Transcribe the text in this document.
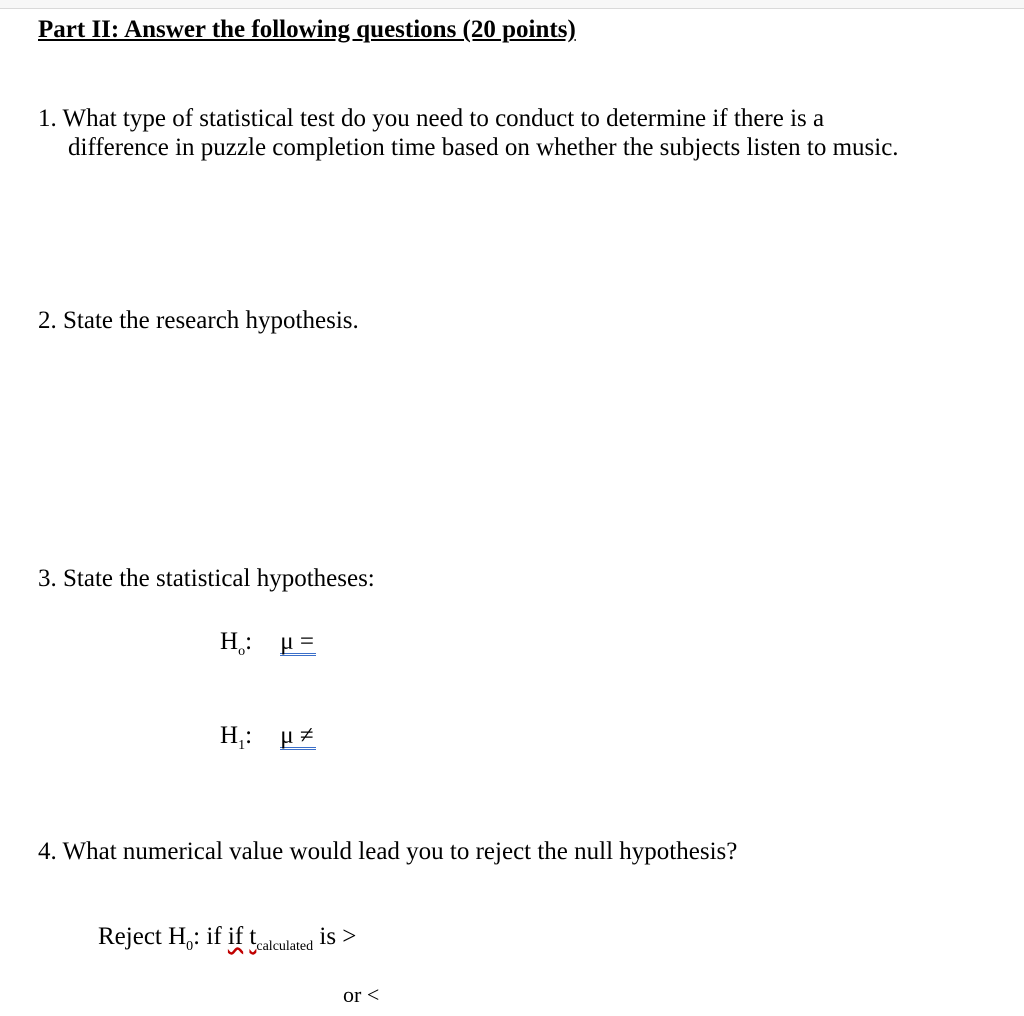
Part II: Answer the following questions (20 points)
1. What type of statistical test do you need to conduct to determine if there is a
difference in puzzle completion time based on whether the subjects listen to music.
2. State the research hypothesis.
3. State the statistical hypotheses:
$H_o$: μ =
$H_1$: μ ≠
4. What numerical value would lead you to reject the null hypothesis?
Reject $H_0$: if if $t_{calculated}$ is >
or <
